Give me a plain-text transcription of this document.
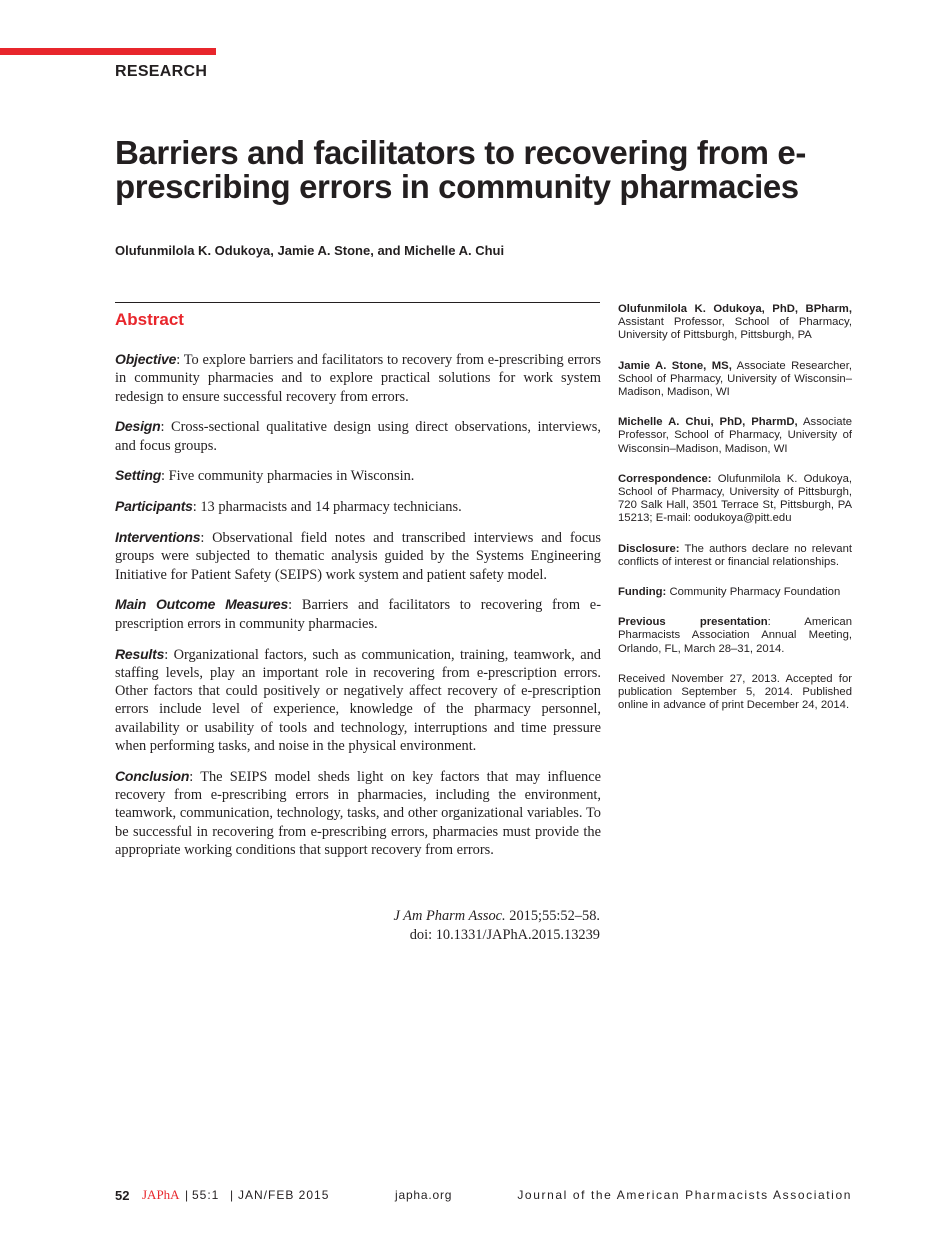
RESEARCH
Barriers and facilitators to recovering from e-prescribing errors in community pharmacies
Olufunmilola K. Odukoya, Jamie A. Stone, and Michelle A. Chui
Abstract

Objective: To explore barriers and facilitators to recovery from e-prescribing errors in community pharmacies and to explore practical solutions for work system redesign to ensure successful recovery from errors.

Design: Cross-sectional qualitative design using direct observations, interviews, and focus groups.

Setting: Five community pharmacies in Wisconsin.

Participants: 13 pharmacists and 14 pharmacy technicians.

Interventions: Observational field notes and transcribed interviews and focus groups were subjected to thematic analysis guided by the Systems Engineering Initiative for Patient Safety (SEIPS) work system and patient safety model.

Main Outcome Measures: Barriers and facilitators to recovering from e-prescription errors in community pharmacies.

Results: Organizational factors, such as communication, training, teamwork, and staffing levels, play an important role in recovering from e-prescription errors. Other factors that could positively or negatively affect recovery of e-prescription errors include level of experience, knowledge of the pharmacy personnel, availability or usability of tools and technology, interruptions and time pressure when performing tasks, and noise in the physical environment.

Conclusion: The SEIPS model sheds light on key factors that may influence recovery from e-prescribing errors in pharmacies, including the environment, teamwork, communication, technology, tasks, and other organizational variables. To be successful in recovering from e-prescribing errors, pharmacies must provide the appropriate working conditions that support recovery from errors.

J Am Pharm Assoc. 2015;55:52–58.
doi: 10.1331/JAPhA.2015.13239

Olufunmilola K. Odukoya, PhD, BPharm, Assistant Professor, School of Pharmacy, University of Pittsburgh, Pittsburgh, PA

Jamie A. Stone, MS, Associate Researcher, School of Pharmacy, University of Wisconsin–Madison, Madison, WI

Michelle A. Chui, PhD, PharmD, Associate Professor, School of Pharmacy, University of Wisconsin–Madison, Madison, WI

Correspondence: Olufunmilola K. Odukoya, School of Pharmacy, University of Pittsburgh, 720 Salk Hall, 3501 Terrace St, Pittsburgh, PA 15213; E-mail: oodukoya@pitt.edu

Disclosure: The authors declare no relevant conflicts of interest or financial relationships.

Funding: Community Pharmacy Foundation

Previous presentation: American Pharmacists Association Annual Meeting, Orlando, FL, March 28–31, 2014.

Received November 27, 2013. Accepted for publication September 5, 2014. Published online in advance of print December 24, 2014.

52 JAPhA | 55:1 | JAN/FEB 2015	japha.org	Journal of the American Pharmacists Association
